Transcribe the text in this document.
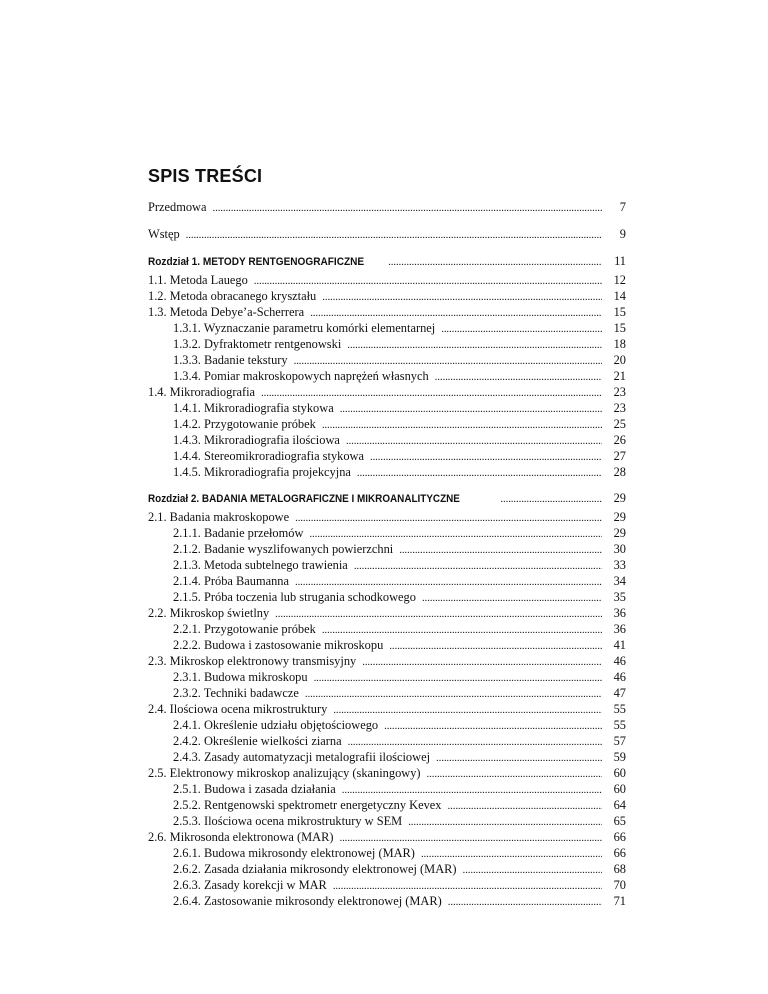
SPIS TREŚCI
Przedmowa . . .	7
Wstęp . . .	9
Rozdział 1. METODY RENTGENOGRAFICZNE . . .	11
1.1. Metoda Lauego . . .	12
1.2. Metoda obracanego kryształu . . .	14
1.3. Metoda Debye’a-Scherrera . . .	15
1.3.1. Wyznaczanie parametru komórki elementarnej . . .	15
1.3.2. Dyfraktometr rentgenowski . . .	18
1.3.3. Badanie tekstury . . .	20
1.3.4. Pomiar makroskopowych naprężeń własnych . . .	21
1.4. Mikroradiografia . . .	23
1.4.1. Mikroradiografia stykowa . . .	23
1.4.2. Przygotowanie próbek . . .	25
1.4.3. Mikroradiografia ilościowa . . .	26
1.4.4. Stereomikroradiografia stykowa . . .	27
1.4.5. Mikroradiografia projekcyjna . . .	28
Rozdział 2. BADANIA METALOGRAFICZNE I MIKROANALITYCZNE . . .	29
2.1. Badania makroskopowe . . .	29
2.1.1. Badanie przełomów . . .	29
2.1.2. Badanie wyszlifowanych powierzchni . . .	30
2.1.3. Metoda subtelnego trawienia . . .	33
2.1.4. Próba Baumanna . . .	34
2.1.5. Próba toczenia lub strugania schodkowego . . .	35
2.2. Mikroskop świetlny . . .	36
2.2.1. Przygotowanie próbek . . .	36
2.2.2. Budowa i zastosowanie mikroskopu . . .	41
2.3. Mikroskop elektronowy transmisyjny . . .	46
2.3.1. Budowa mikroskopu . . .	46
2.3.2. Techniki badawcze . . .	47
2.4. Ilościowa ocena mikrostruktury . . .	55
2.4.1. Określenie udziału objętościowego . . .	55
2.4.2. Określenie wielkości ziarna . . .	57
2.4.3. Zasady automatyzacji metalografii ilościowej . . .	59
2.5. Elektronowy mikroskop analizujący (skaningowy) . . .	60
2.5.1. Budowa i zasada działania . . .	60
2.5.2. Rentgenowski spektrometr energetyczny Kevex . . .	64
2.5.3. Ilościowa ocena mikrostruktury w SEM . . .	65
2.6. Mikrosonda elektronowa (MAR) . . .	66
2.6.1. Budowa mikrosondy elektronowej (MAR) . . .	66
2.6.2. Zasada działania mikrosondy elektronowej (MAR) . . .	68
2.6.3. Zasady korekcji w MAR . . .	70
2.6.4. Zastosowanie mikrosondy elektronowej (MAR) . . .	71
